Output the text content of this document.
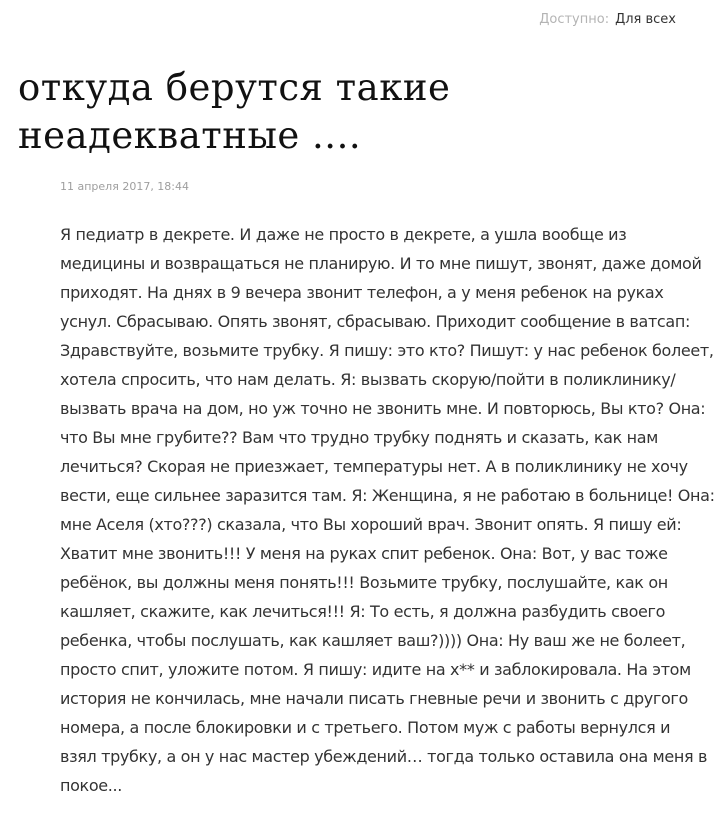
Доступно: Для всех
откуда берутся такие
неадекватные ....
11 апреля 2017, 18:44
Я педиатр в декрете. И даже не просто в декрете, а ушла вообще из
медицины и возвращаться не планирую. И то мне пишут, звонят, даже домой
приходят. На днях в 9 вечера звонит телефон, а у меня ребенок на руках
уснул. Сбрасываю. Опять звонят, сбрасываю. Приходит сообщение в ватсап:
Здравствуйте, возьмите трубку. Я пишу: это кто? Пишут: у нас ребенок болеет,
хотела спросить, что нам делать. Я: вызвать скорую/пойти в поликлинику/
вызвать врача на дом, но уж точно не звонить мне. И повторюсь, Вы кто? Она:
что Вы мне грубите?? Вам что трудно трубку поднять и сказать, как нам
лечиться? Скорая не приезжает, температуры нет. А в поликлинику не хочу
вести, еще сильнее заразится там. Я: Женщина, я не работаю в больнице! Она:
мне Аселя (хто???) сказала, что Вы хороший врач. Звонит опять. Я пишу ей:
Хватит мне звонить!!! У меня на руках спит ребенок. Она: Вот, у вас тоже
ребёнок, вы должны меня понять!!! Возьмите трубку, послушайте, как он
кашляет, скажите, как лечиться!!! Я: То есть, я должна разбудить своего
ребенка, чтобы послушать, как кашляет ваш?)))) Она: Ну ваш же не болеет,
просто спит, уложите потом. Я пишу: идите на х** и заблокировала. На этом
история не кончилась, мне начали писать гневные речи и звонить с другого
номера, а после блокировки и с третьего. Потом муж с работы вернулся и
взял трубку, а он у нас мастер убеждений… тогда только оставила она меня в
покое...
